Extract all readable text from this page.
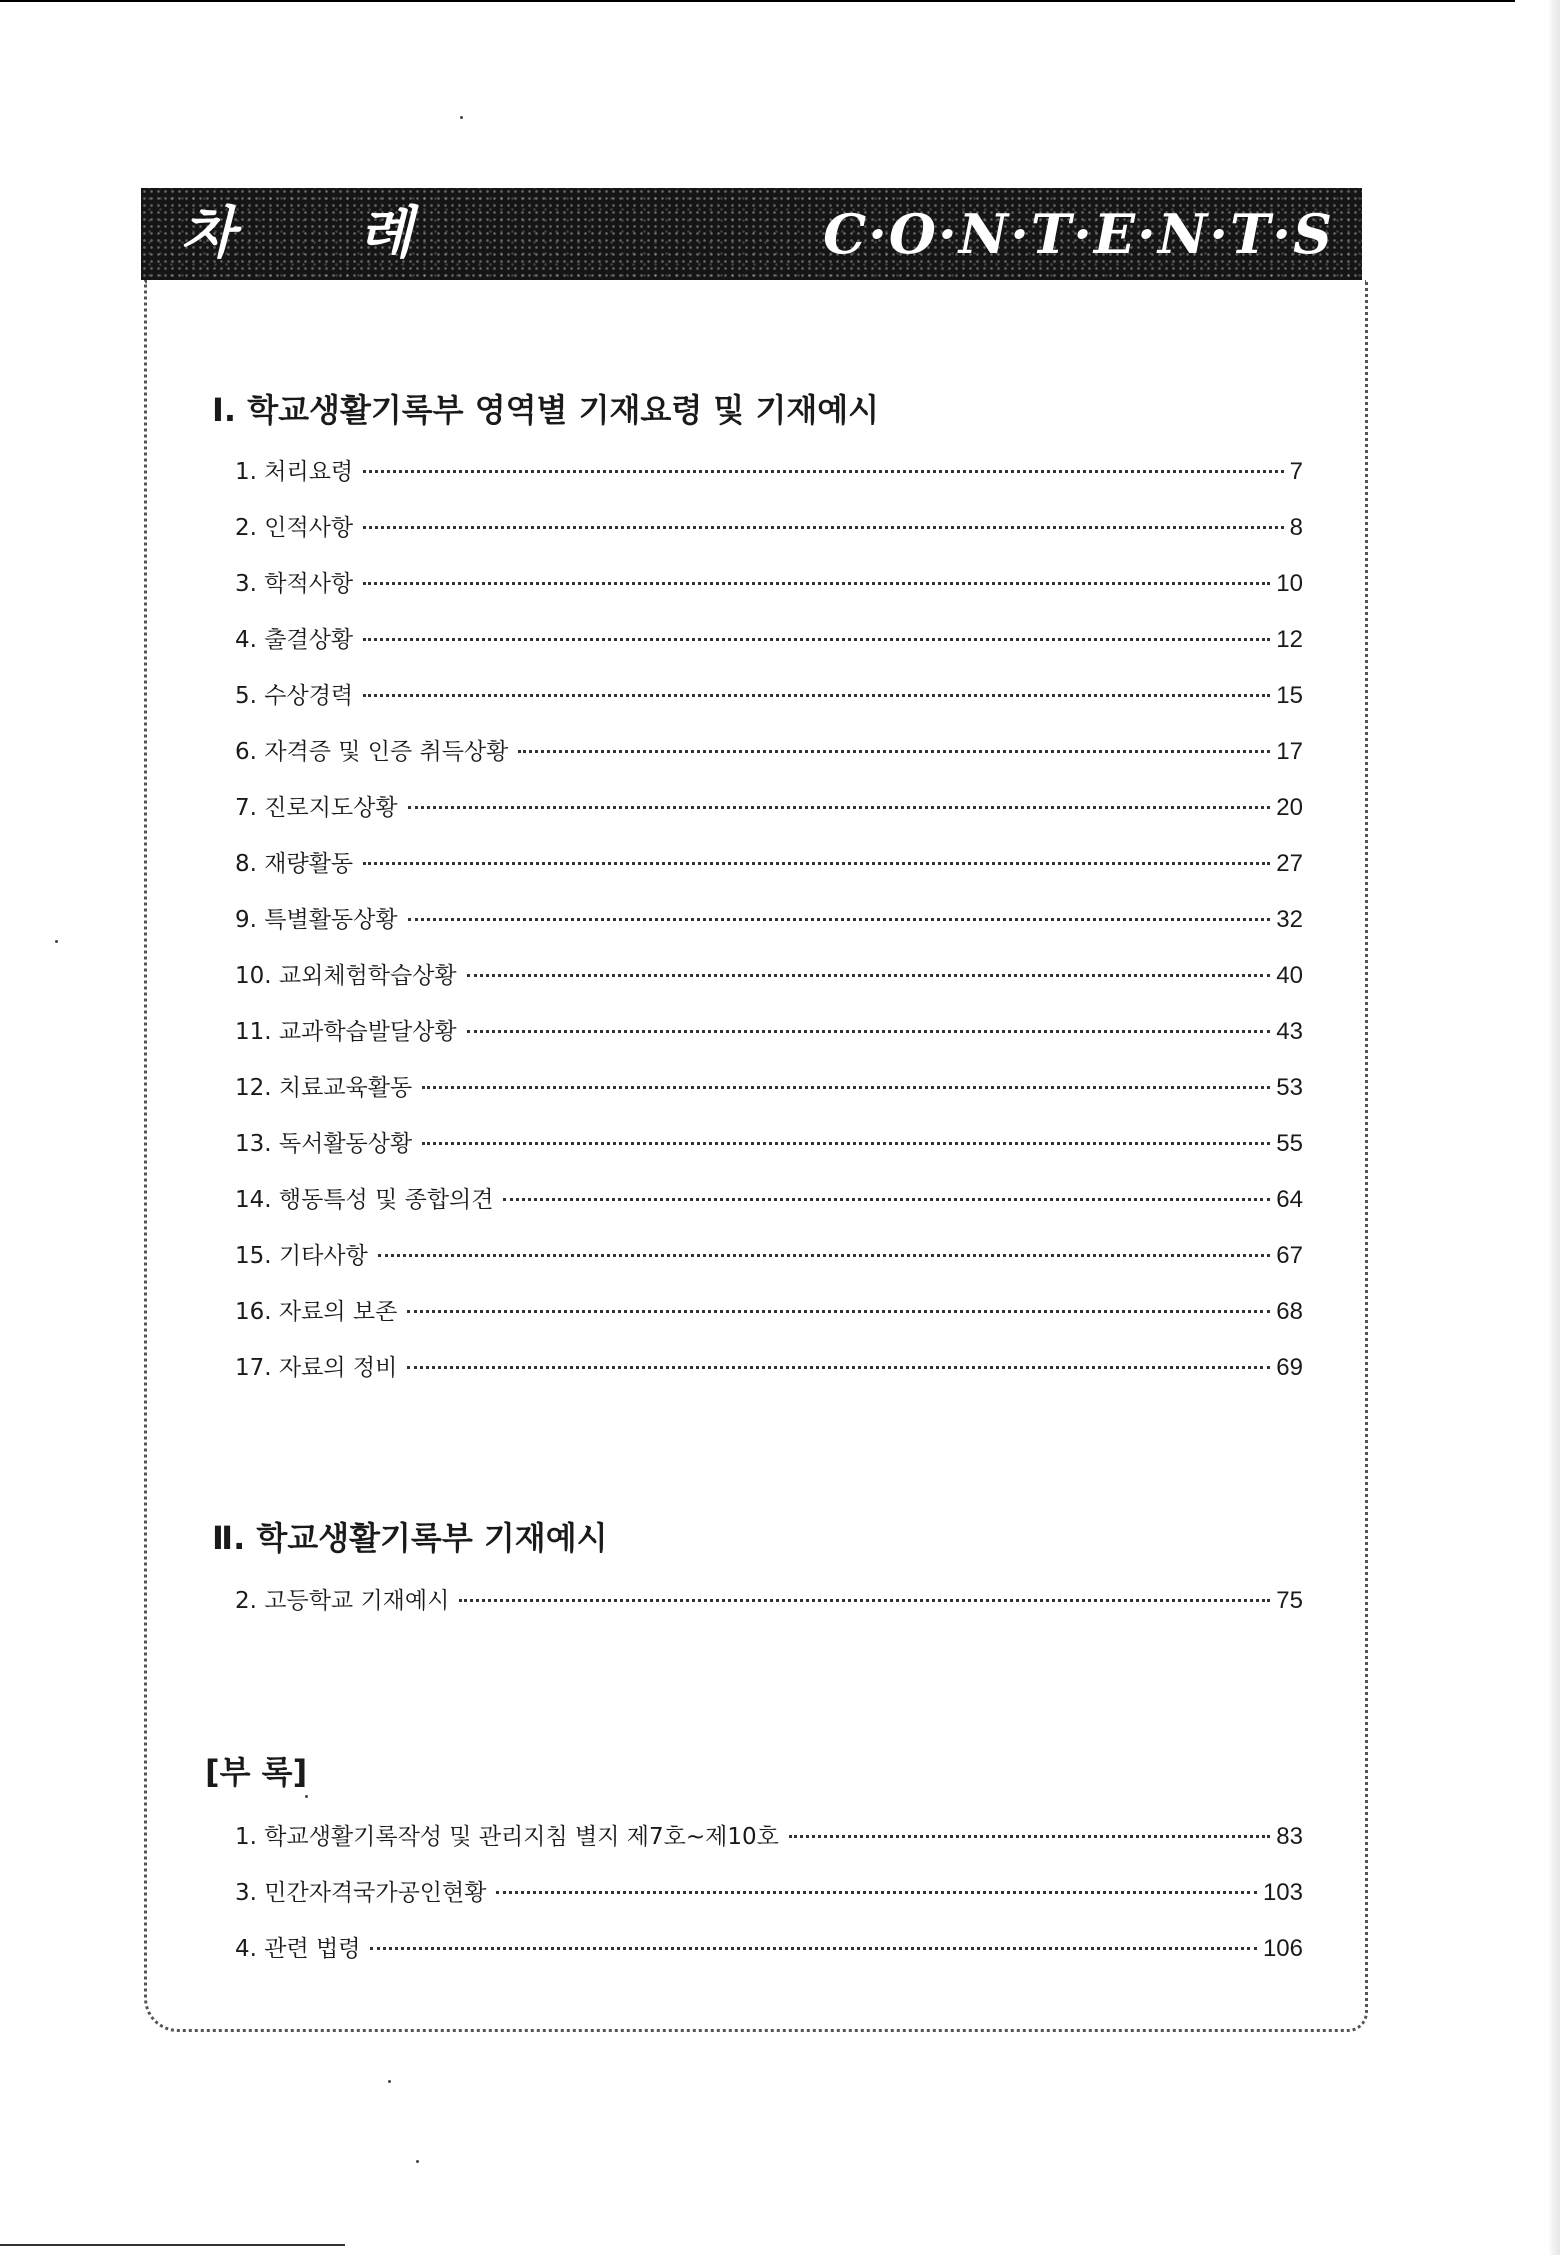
차 례	C·O·N·T·E·N·T·S
Ⅰ. 학교생활기록부 영역별 기재요령 및 기재예시
1. 처리요령	7
2. 인적사항	8
3. 학적사항	10
4. 출결상황	12
5. 수상경력	15
6. 자격증 및 인증 취득상황	17
7. 진로지도상황	20
8. 재량활동	27
9. 특별활동상황	32
10. 교외체험학습상황	40
11. 교과학습발달상황	43
12. 치료교육활동	53
13. 독서활동상황	55
14. 행동특성 및 종합의견	64
15. 기타사항	67
16. 자료의 보존	68
17. 자료의 정비	69
Ⅱ. 학교생활기록부 기재예시
2. 고등학교 기재예시	75
[부 록]
1. 학교생활기록작성 및 관리지침 별지 제7호~제10호	83
3. 민간자격국가공인현황	103
4. 관련 법령	106
